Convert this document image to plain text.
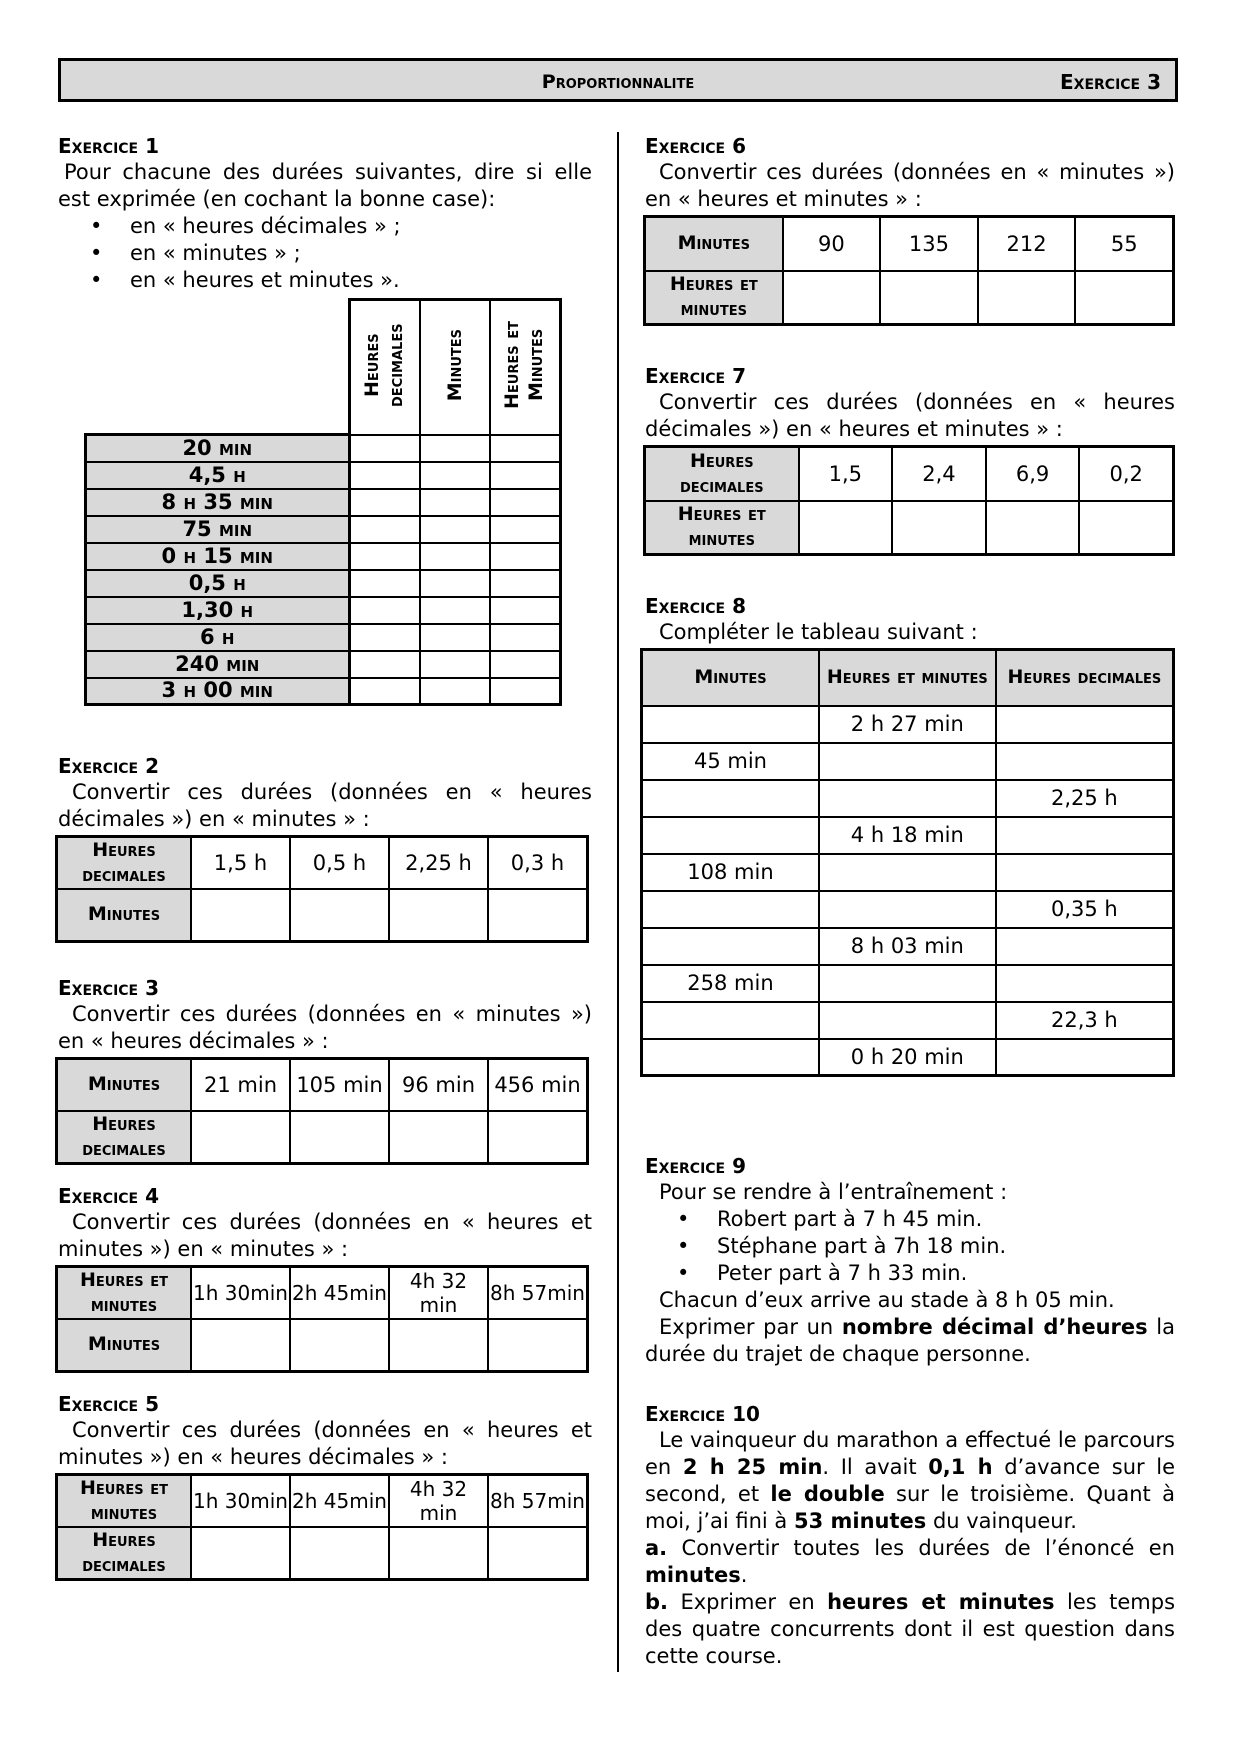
Proportionnalite	Exercice 3
Exercice 1

Pour chacune des durées suivantes, dire si elle est exprimée (en cochant la bonne case):

• en « heures décimales » ;
• en « minutes » ;
• en « heures et minutes ».
	Heures decimales	Minutes	Heures et Minutes
20 min			
4,5 h			
8 h 35 min			
75 min			
0 h 15 min			
0,5 h			
1,30 h			
6 h			
240 min			
3 h 00 min			
Exercice 2

Convertir ces durées (données en « heures décimales ») en « minutes » :

Heures decimales	1,5 h	0,5 h	2,25 h	0,3 h
Minutes				
Exercice 3

Convertir ces durées (données en « minutes ») en « heures décimales » :

Minutes	21 min	105 min	96 min	456 min
Heures decimales				
Exercice 4

Convertir ces durées (données en « heures et minutes ») en « minutes » :

Heures et minutes	1h 30min	2h 45min	4h 32 min	8h 57min
Minutes				
Exercice 5

Convertir ces durées (données en « heures et minutes ») en « heures décimales » :

Heures et minutes	1h 30min	2h 45min	4h 32 min	8h 57min
Heures decimales				
Exercice 6

Convertir ces durées (données en « minutes ») en « heures et minutes » :

Minutes	90	135	212	55
Heures et minutes				
Exercice 7

Convertir ces durées (données en « heures décimales ») en « heures et minutes » :

Heures decimales	1,5	2,4	6,9	0,2
Heures et minutes				
Exercice 8

Compléter le tableau suivant :

Minutes	Heures et minutes	Heures decimales
	2 h 27 min	
45 min		
		2,25 h
	4 h 18 min	
108 min		
		0,35 h
	8 h 03 min	
258 min		
		22,3 h
	0 h 20 min	
Exercice 9

Pour se rendre à l’entraînement :

• Robert part à 7 h 45 min.
• Stéphane part à 7h 18 min.
• Peter part à 7 h 33 min.

Chacun d’eux arrive au stade à 8 h 05 min.

Exprimer par un nombre décimal d’heures la durée du trajet de chaque personne.

Exercice 10

Le vainqueur du marathon a effectué le parcours en 2 h 25 min. Il avait 0,1 h d’avance sur le second, et le double sur le troisième. Quant à moi, j’ai fini à 53 minutes du vainqueur.

a. Convertir toutes les durées de l’énoncé en minutes.

b. Exprimer en heures et minutes les temps des quatre concurrents dont il est question dans cette course.
